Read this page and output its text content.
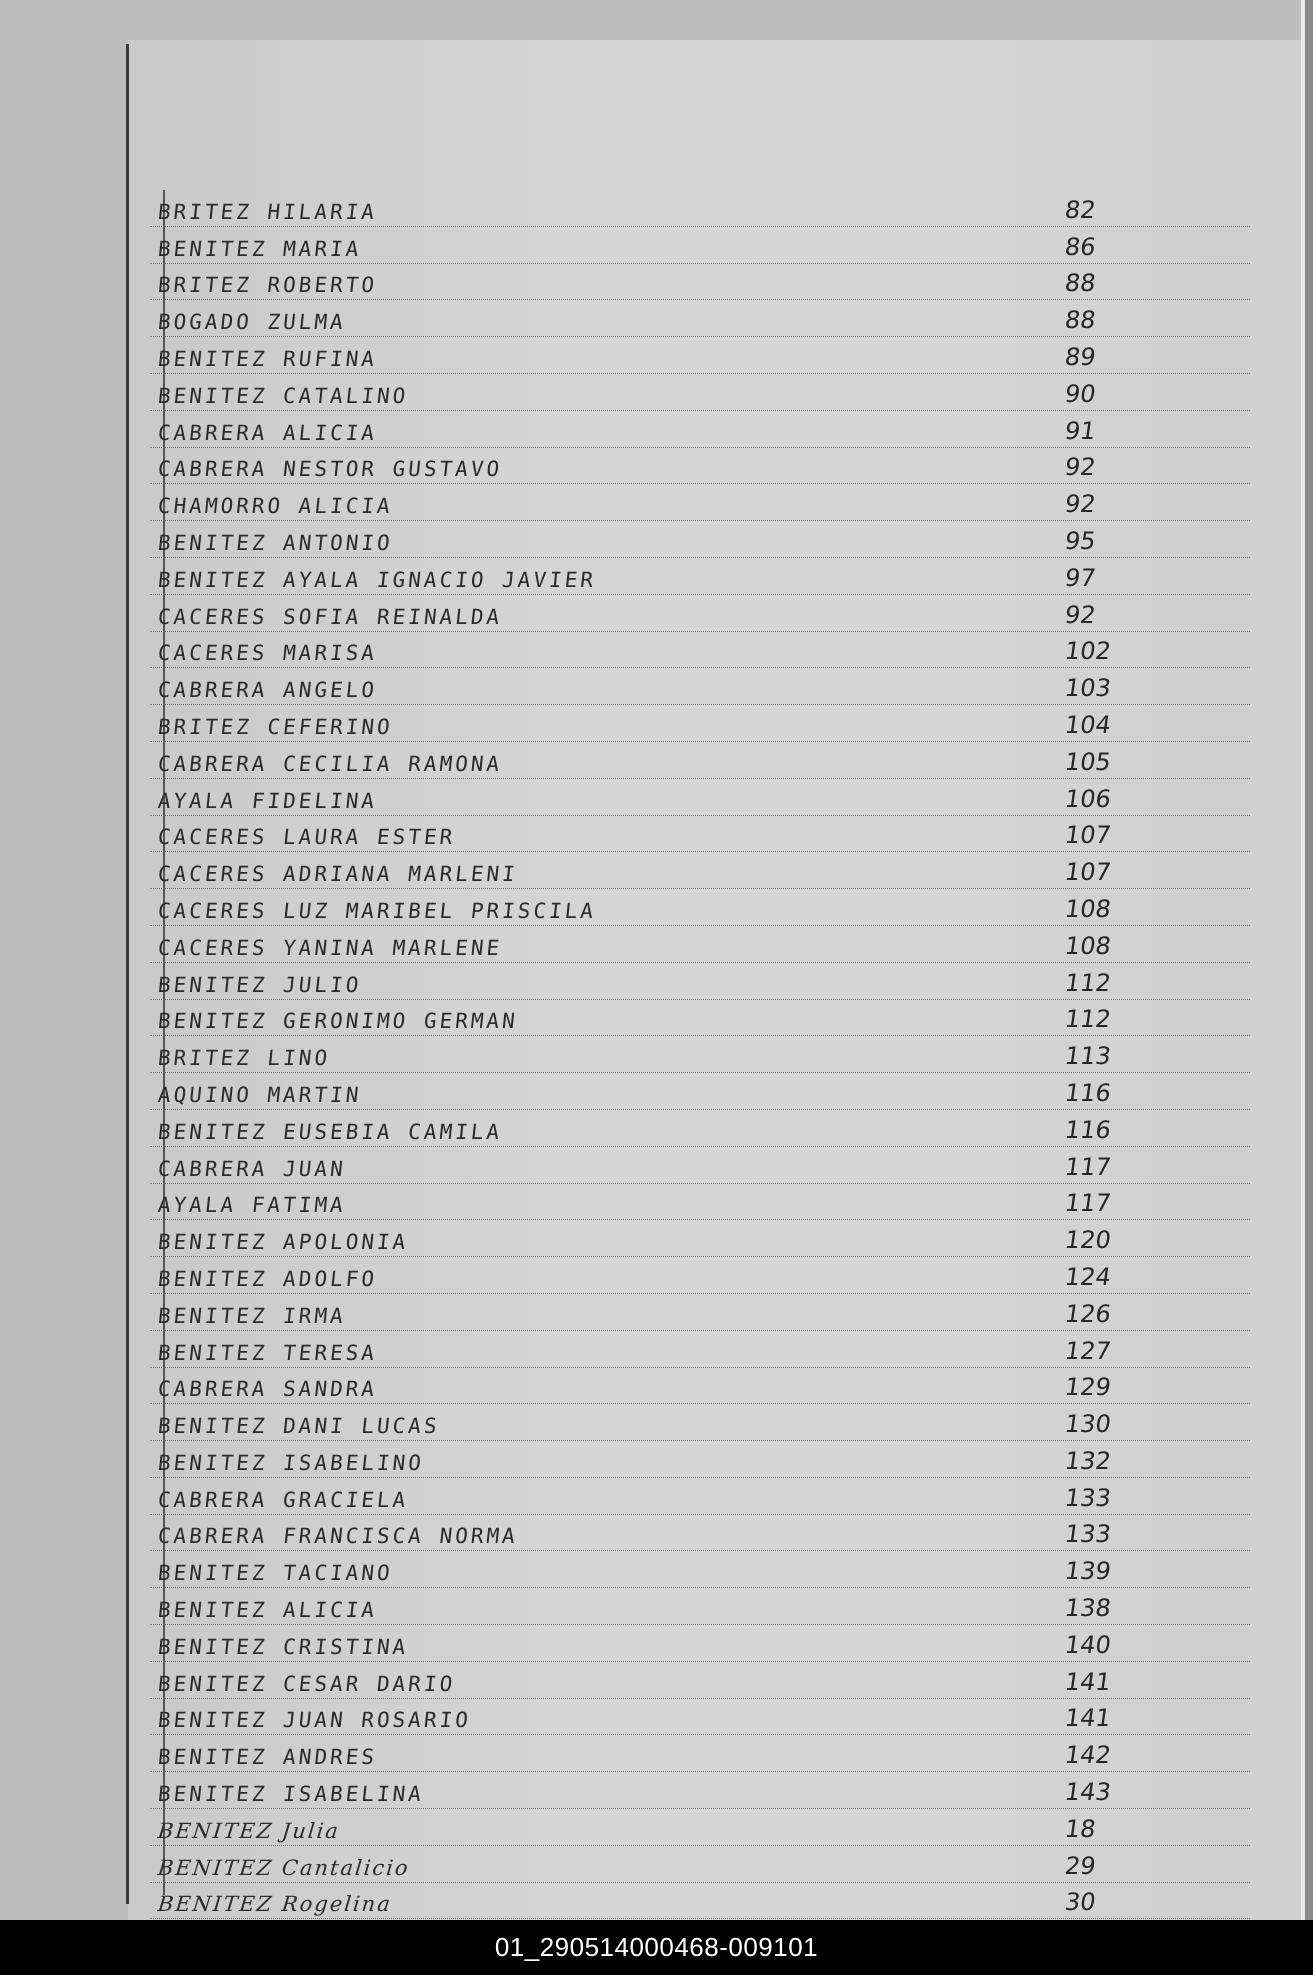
BRITEZ HILARIA	82
BENITEZ MARIA	86
BRITEZ ROBERTO	88
BOGADO ZULMA	88
BENITEZ RUFINA	89
BENITEZ CATALINO	90
CABRERA ALICIA	91
CABRERA NESTOR GUSTAVO	92
CHAMORRO ALICIA	92
BENITEZ ANTONIO	95
BENITEZ AYALA IGNACIO JAVIER	97
CACERES SOFIA REINALDA	92
CACERES MARISA	102
CABRERA ANGELO	103
BRITEZ CEFERINO	104
CABRERA CECILIA RAMONA	105
AYALA FIDELINA	106
CACERES LAURA ESTER	107
CACERES ADRIANA MARLENI	107
CACERES LUZ MARIBEL PRISCILA	108
CACERES YANINA MARLENE	108
BENITEZ JULIO	112
BENITEZ GERONIMO GERMAN	112
BRITEZ LINO	113
AQUINO MARTIN	116
BENITEZ EUSEBIA CAMILA	116
CABRERA JUAN	117
AYALA FATIMA	117
BENITEZ APOLONIA	120
BENITEZ ADOLFO	124
BENITEZ IRMA	126
BENITEZ TERESA	127
CABRERA SANDRA	129
BENITEZ DANI LUCAS	130
BENITEZ ISABELINO	132
CABRERA GRACIELA	133
CABRERA FRANCISCA NORMA	133
BENITEZ TACIANO	139
BENITEZ ALICIA	138
BENITEZ CRISTINA	140
BENITEZ CESAR DARIO	141
BENITEZ JUAN ROSARIO	141
BENITEZ ANDRES	142
BENITEZ ISABELINA	143
BENITEZ Julia	18
BENITEZ Cantalicio	29
BENITEZ Rogelina	30
01_290514000468-009101
